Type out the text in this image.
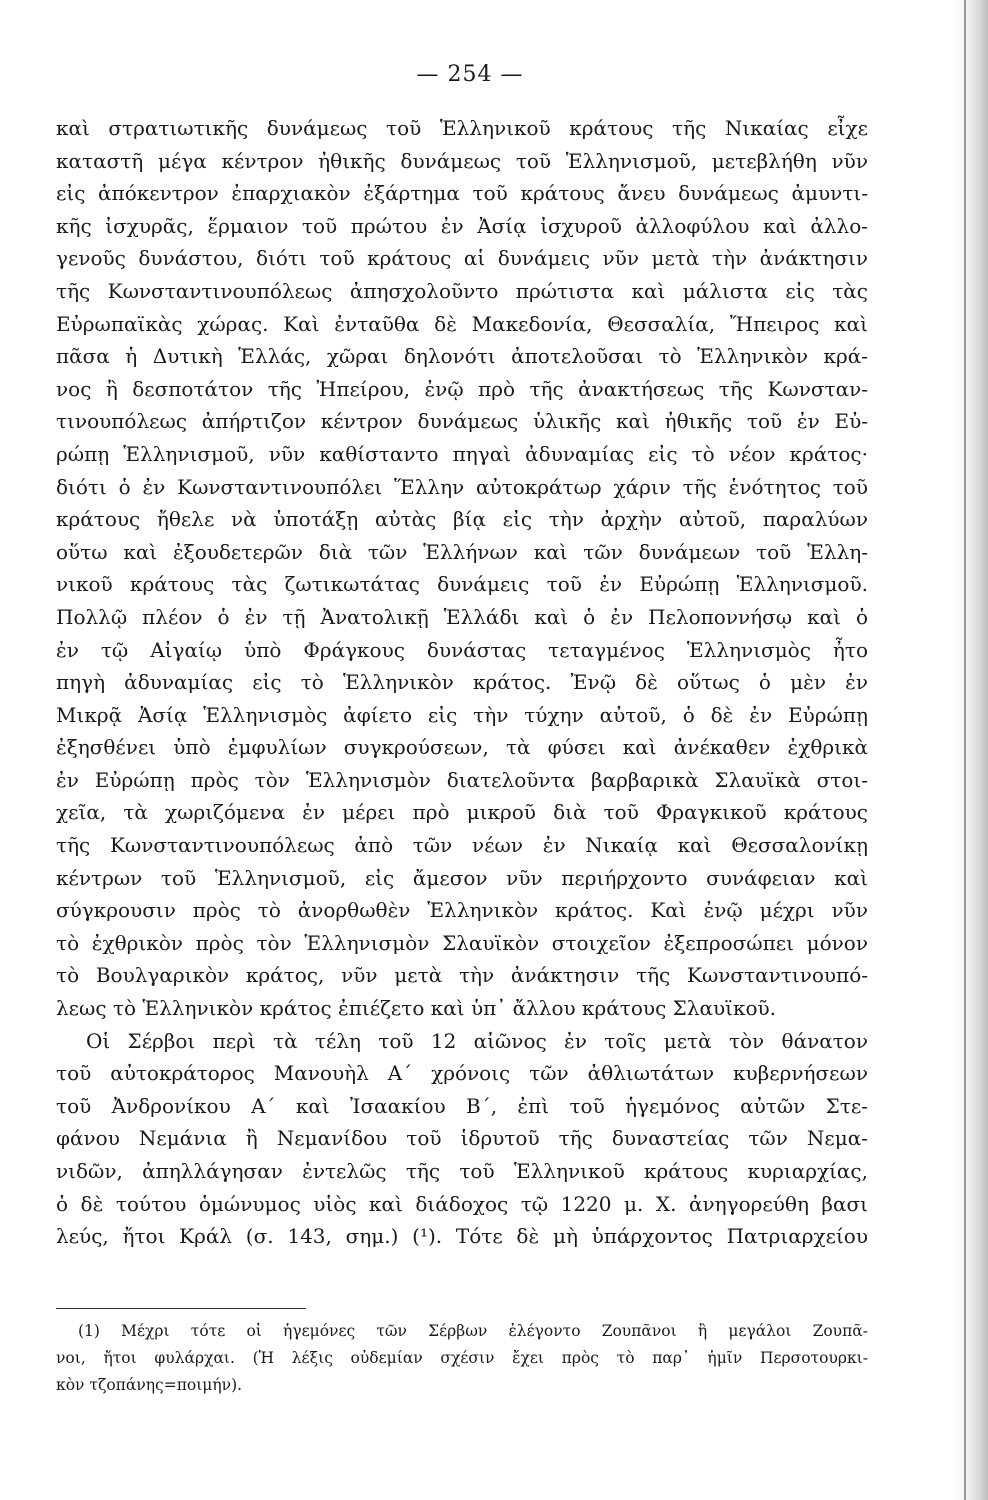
— 254 —
καὶ στρατιωτικῆς δυνάμεως τοῦ Ἑλληνικοῦ κράτους τῆς Νικαίας εἶχε
καταστῆ μέγα κέντρον ἠθικῆς δυνάμεως τοῦ Ἑλληνισμοῦ, μετεβλήθη νῦν
εἰς ἀπόκεντρον ἐπαρχιακὸν ἐξάρτημα τοῦ κράτους ἄνευ δυνάμεως ἀμυντι-
κῆς ἰσχυρᾶς, ἕρμαιον τοῦ πρώτου ἐν Ἀσίᾳ ἰσχυροῦ ἀλλοφύλου καὶ ἀλλο-
γενοῦς δυνάστου, διότι τοῦ κράτους αἱ δυνάμεις νῦν μετὰ τὴν ἀνάκτησιν
τῆς Κωνσταντινουπόλεως ἀπησχολοῦντο πρώτιστα καὶ μάλιστα εἰς τὰς
Εὐρωπαϊκὰς χώρας. Καὶ ἐνταῦθα δὲ Μακεδονία, Θεσσαλία, Ἤπειρος καὶ
πᾶσα ἡ Δυτικὴ Ἑλλάς, χῶραι δηλονότι ἀποτελοῦσαι τὸ Ἑλληνικὸν κρά-
νος ἢ δεσποτάτον τῆς Ἠπείρου, ἐνῷ πρὸ τῆς ἀνακτήσεως τῆς Κωνσταν-
τινουπόλεως ἀπήρτιζον κέντρον δυνάμεως ὑλικῆς καὶ ἠθικῆς τοῦ ἐν Εὐ-
ρώπῃ Ἑλληνισμοῦ, νῦν καθίσταντο πηγαὶ ἀδυναμίας εἰς τὸ νέον κράτος·
διότι ὁ ἐν Κωνσταντινουπόλει Ἕλλην αὐτοκράτωρ χάριν τῆς ἑνότητος τοῦ
κράτους ἤθελε νὰ ὑποτάξῃ αὐτὰς βίᾳ εἰς τὴν ἀρχὴν αὐτοῦ, παραλύων
οὕτω καὶ ἐξουδετερῶν διὰ τῶν Ἑλλήνων καὶ τῶν δυνάμεων τοῦ Ἑλλη-
νικοῦ κράτους τὰς ζωτικωτάτας δυνάμεις τοῦ ἐν Εὐρώπῃ Ἑλληνισμοῦ.
Πολλῷ πλέον ὁ ἐν τῇ Ἀνατολικῇ Ἑλλάδι καὶ ὁ ἐν Πελοποννήσῳ καὶ ὁ
ἐν τῷ Αἰγαίῳ ὑπὸ Φράγκους δυνάστας τεταγμένος Ἑλληνισμὸς ἦτο
πηγὴ ἀδυναμίας εἰς τὸ Ἑλληνικὸν κράτος. Ἐνῷ δὲ οὕτως ὁ μὲν ἐν
Μικρᾷ Ἀσίᾳ Ἑλληνισμὸς ἀφίετο εἰς τὴν τύχην αὐτοῦ, ὁ δὲ ἐν Εὐρώπῃ
ἐξησθένει ὑπὸ ἐμφυλίων συγκρούσεων, τὰ φύσει καὶ ἀνέκαθεν ἐχθρικὰ
ἐν Εὐρώπῃ πρὸς τὸν Ἑλληνισμὸν διατελοῦντα βαρβαρικὰ Σλαυϊκὰ στοι-
χεῖα, τὰ χωριζόμενα ἐν μέρει πρὸ μικροῦ διὰ τοῦ Φραγκικοῦ κράτους
τῆς Κωνσταντινουπόλεως ἀπὸ τῶν νέων ἐν Νικαίᾳ καὶ Θεσσαλονίκῃ
κέντρων τοῦ Ἑλληνισμοῦ, εἰς ἄμεσον νῦν περιήρχοντο συνάφειαν καὶ
σύγκρουσιν πρὸς τὸ ἀνορθωθὲν Ἑλληνικὸν κράτος. Καὶ ἐνῷ μέχρι νῦν
τὸ ἐχθρικὸν πρὸς τὸν Ἑλληνισμὸν Σλαυϊκὸν στοιχεῖον ἐξεπροσώπει μόνον
τὸ Βουλγαρικὸν κράτος, νῦν μετὰ τὴν ἀνάκτησιν τῆς Κωνσταντινουπό-
λεως τὸ Ἑλληνικὸν κράτος ἐπιέζετο καὶ ὑπ᾽ ἄλλου κράτους Σλαυϊκοῦ.
Οἱ Σέρβοι περὶ τὰ τέλη τοῦ 12 αἰῶνος ἐν τοῖς μετὰ τὸν θάνατον
τοῦ αὐτοκράτορος Μανουὴλ Α΄ χρόνοις τῶν ἀθλιωτάτων κυβερνήσεων
τοῦ Ἀνδρονίκου Α΄ καὶ Ἰσαακίου Β΄, ἐπὶ τοῦ ἡγεμόνος αὐτῶν Στε-
φάνου Νεμάνια ἢ Νεμανίδου τοῦ ἱδρυτοῦ τῆς δυναστείας τῶν Νεμα-
νιδῶν, ἀπηλλάγησαν ἐντελῶς τῆς τοῦ Ἑλληνικοῦ κράτους κυριαρχίας,
ὁ δὲ τούτου ὁμώνυμος υἱὸς καὶ διάδοχος τῷ 1220 μ. Χ. ἀνηγορεύθη βασι
λεύς, ἤτοι Κράλ (σ. 143, σημ.) (¹). Τότε δὲ μὴ ὑπάρχοντος Πατριαρχείου
(1) Μέχρι τότε οἱ ἡγεμόνες τῶν Σέρβων ἐλέγοντο Ζουπᾶνοι ἢ μεγάλοι Ζουπᾶ-
νοι, ἤτοι φυλάρχαι. (Ἡ λέξις οὐδεμίαν σχέσιν ἔχει πρὸς τὸ παρ᾽ ἡμῖν Περσοτουρκι-
κὸν τζοπάνης=ποιμήν).
